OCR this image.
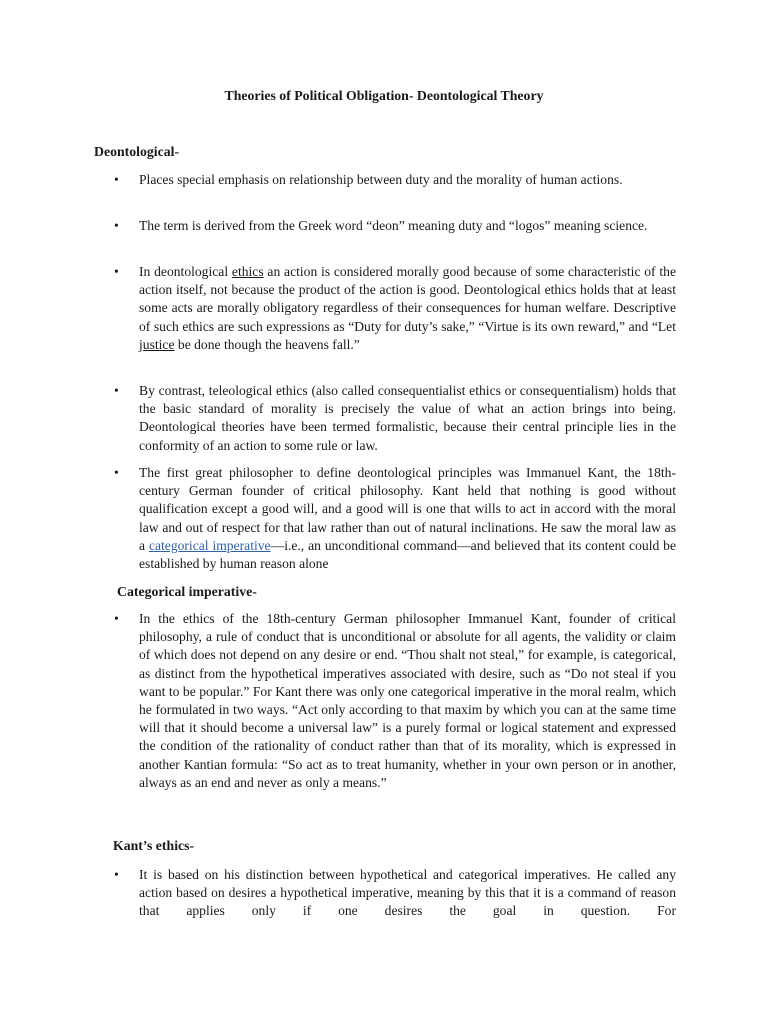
Theories of Political Obligation- Deontological Theory
Deontological-
•	Places special emphasis on relationship between duty and the morality of human actions.
•	The term is derived from the Greek word “deon” meaning duty and “logos” meaning science.
•	In deontological ethics an action is considered morally good because of some characteristic of the action itself, not because the product of the action is good. Deontological ethics holds that at least some acts are morally obligatory regardless of their consequences for human welfare. Descriptive of such ethics are such expressions as “Duty for duty’s sake,” “Virtue is its own reward,” and “Let justice be done though the heavens fall.”
•	By contrast, teleological ethics (also called consequentialist ethics or consequentialism) holds that the basic standard of morality is precisely the value of what an action brings into being. Deontological theories have been termed formalistic, because their central principle lies in the conformity of an action to some rule or law.
•	The first great philosopher to define deontological principles was Immanuel Kant, the 18th-century German founder of critical philosophy. Kant held that nothing is good without qualification except a good will, and a good will is one that wills to act in accord with the moral law and out of respect for that law rather than out of natural inclinations. He saw the moral law as a categorical imperative—i.e., an unconditional command—and believed that its content could be established by human reason alone
Categorical imperative-
•	In the ethics of the 18th-century German philosopher Immanuel Kant, founder of critical philosophy, a rule of conduct that is unconditional or absolute for all agents, the validity or claim of which does not depend on any desire or end. “Thou shalt not steal,” for example, is categorical, as distinct from the hypothetical imperatives associated with desire, such as “Do not steal if you want to be popular.” For Kant there was only one categorical imperative in the moral realm, which he formulated in two ways. “Act only according to that maxim by which you can at the same time will that it should become a universal law” is a purely formal or logical statement and expressed the condition of the rationality of conduct rather than that of its morality, which is expressed in another Kantian formula: “So act as to treat humanity, whether in your own person or in another, always as an end and never as only a means.”
Kant’s ethics-
•	It is based on his distinction between hypothetical and categorical imperatives. He called any action based on desires a hypothetical imperative, meaning by this that it is a command of reason that applies only if one desires the goal in question. For
